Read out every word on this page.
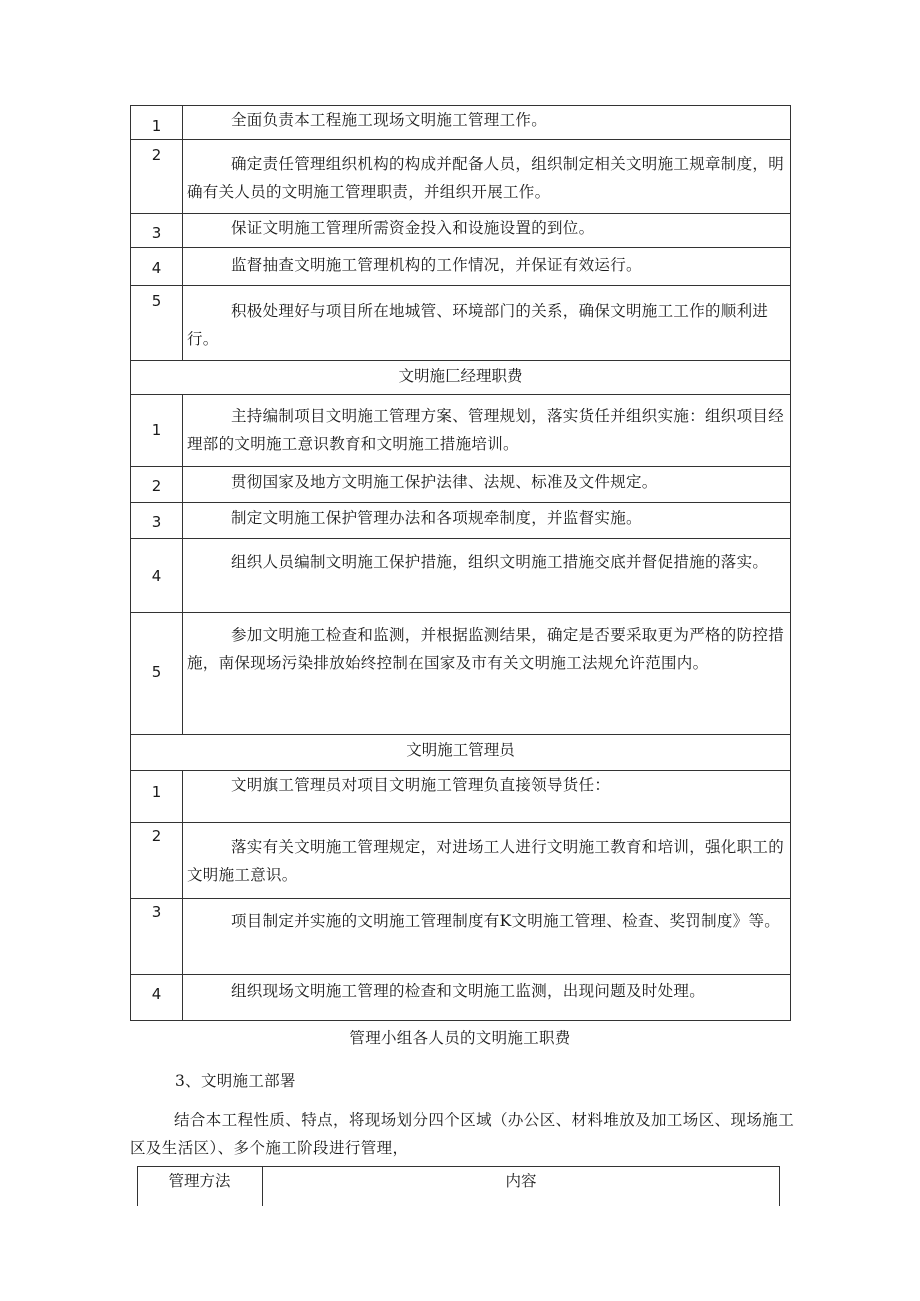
1	全面负责本工程施工现场文明施工管理工作。

2	确定责任管理组织机构的构成并配备人员，组织制定相关文明施工规章制度，明确有关人员的文明施工管理职责，并组织开展工作。

3	保证文明施工管理所需资金投入和设施设置的到位。

4	监督抽查文明施工管理机构的工作情况，并保证有效运行。

5	积极处理好与项目所在地城管、环境部门的关系，确保文明施工工作的顺利进行。

文明施匚经理职费	

1	主持编制项目文明施工管理方案、管理规划，落实货任并组织实施：组织项目经理部的文明施工意识教育和文明施工措施培训。

2	贯彻国家及地方文明施工保护法律、法规、标准及文件规定。

3	制定文明施工保护管理办法和各项规牵制度，并监督实施。

4	组织人员编制文明施工保护措施，组织文明施工措施交底并督促措施的落实。

5	参加文明施工检查和监测，并根据监测结果，确定是否要采取更为严格的防控措施，南保现场污染排放始终控制在国家及市有关文明施工法规允许范围内。

文明施工管理员	

1	文明旗工管理员对项目文明施工管理负直接领导货任：

2	落实有关文明施工管理规定，对进场工人进行文明施工教育和培训，强化职工的文明施工意识。

3	项目制定并实施的文明施工管理制度有K文明施工管理、检查、奖罚制度》等。

4	组织现场文明施工管理的检查和文明施工监测，出现问题及时处理。

管理小组各人员的文明施工职费
3、文明施工部署

结合本工程性质、特点，将现场划分四个区域（办公区、材料堆放及加工场区、现场施工区及生活区）、多个施工阶段进行管理，

管理方法	内容
